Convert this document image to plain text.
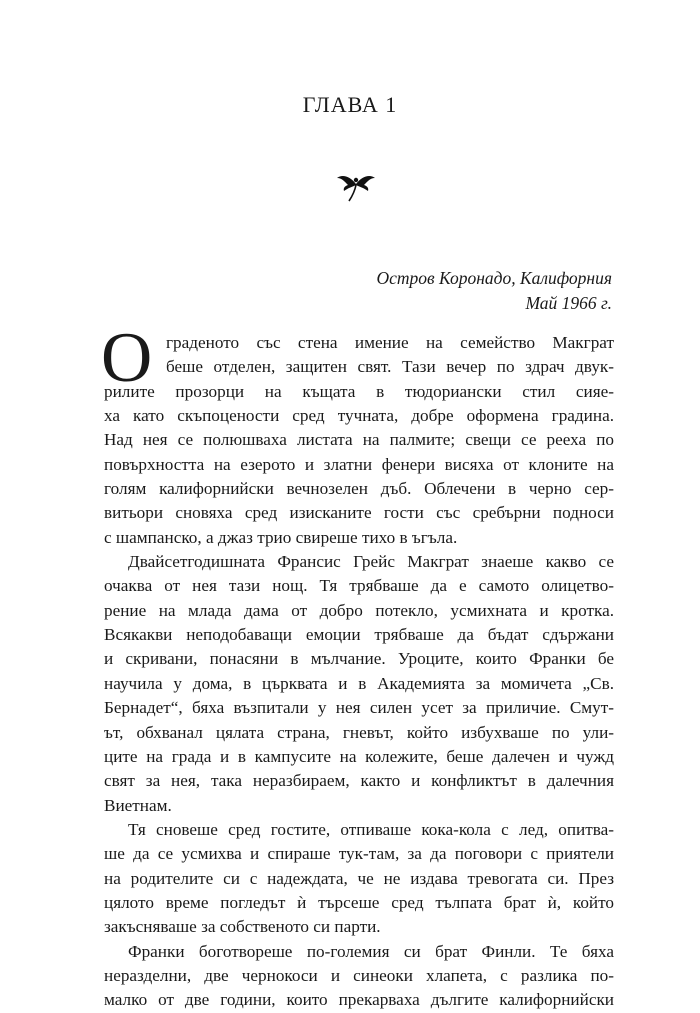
ГЛАВА 1
Остров Коронадо, Калифорния
Май 1966 г.
О градeното със стена имение на семейство Макграт
беше отделен, защитен свят. Тази вечер по здрач двук-
рилите прозорци на къщата в тюдориански стил сияе-
ха като скъпоцености сред тучната, добре оформена градина.
Над нея се полюшваха листата на палмите; свещи се рееха по
повърхността на езерото и златни фенери висяха от клоните на
голям калифорнийски вечнозелен дъб. Облечени в черно сер-
витьори сновяха сред изисканите гости със сребърни подноси
с шампанско, а джаз трио свиреше тихо в ъгъла.
Двайсетгодишната Франсис Грейс Макграт знаеше какво се
очаква от нея тази нощ. Тя трябваше да е самото олицетво-
рение на млада дама от добро потекло, усмихната и кротка.
Всякакви неподобаващи емоции трябваше да бъдат сдържани
и скривани, понасяни в мълчание. Уроците, които Франки бе
научила у дома, в църквата и в Академията за момичета „Св.
Бернадет“, бяха възпитали у нея силен усет за приличие. Смут-
ът, обхванал цялата страна, гневът, който избухваше по ули-
ците на града и в кампусите на колежите, беше далечен и чужд
свят за нея, така неразбираем, както и конфликтът в далечния
Виетнам.
Тя сновеше сред гостите, отпиваше кока-кола с лед, опитва-
ше да се усмихва и спираше тук-там, за да поговори с приятели
на родителите си с надеждата, че не издава тревогата си. През
цялото време погледът ѝ търсеше сред тълпата брат ѝ, който
закъсняваше за собственото си парти.
Франки боготвореше по-големия си брат Финли. Те бяха
неразделни, две чернокоси и синеоки хлапета, с разлика по-
малко от две години, които прекарваха дългите калифорнийски
